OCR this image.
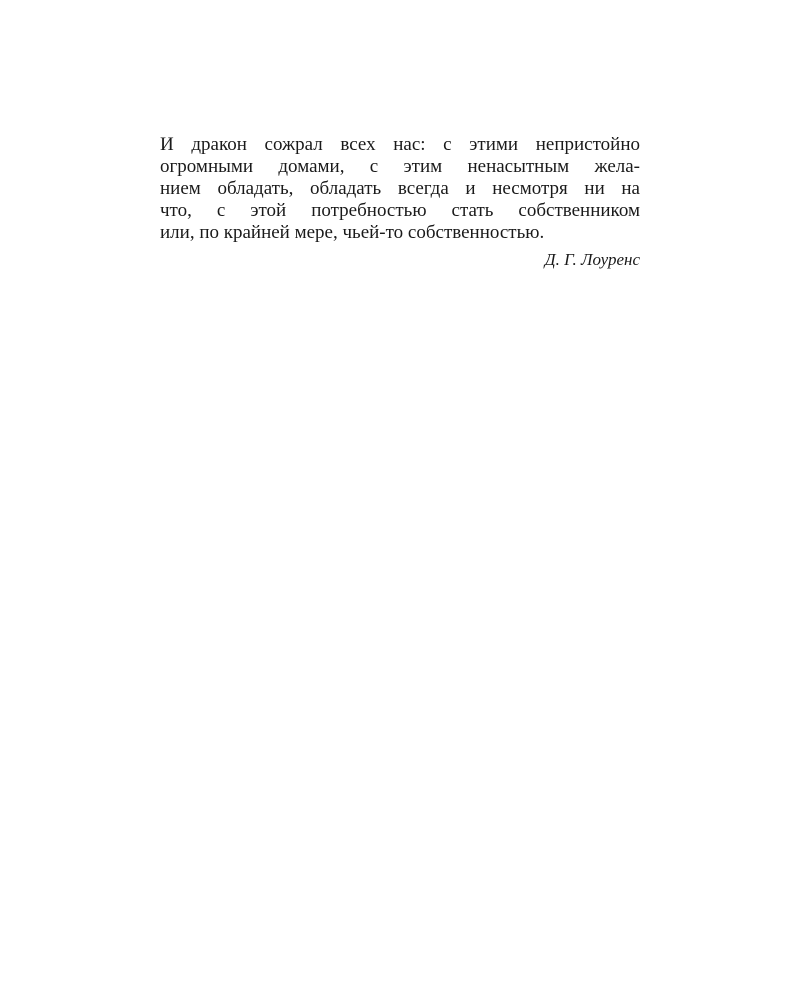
И дракон сожрал всех нас: с этими непристойно
огромными домами, с этим ненасытным жела-
нием обладать, обладать всегда и несмотря ни на
что, с этой потребностью стать собственником
или, по крайней мере, чьей-то собственностью.
Д. Г. Лоуренс
